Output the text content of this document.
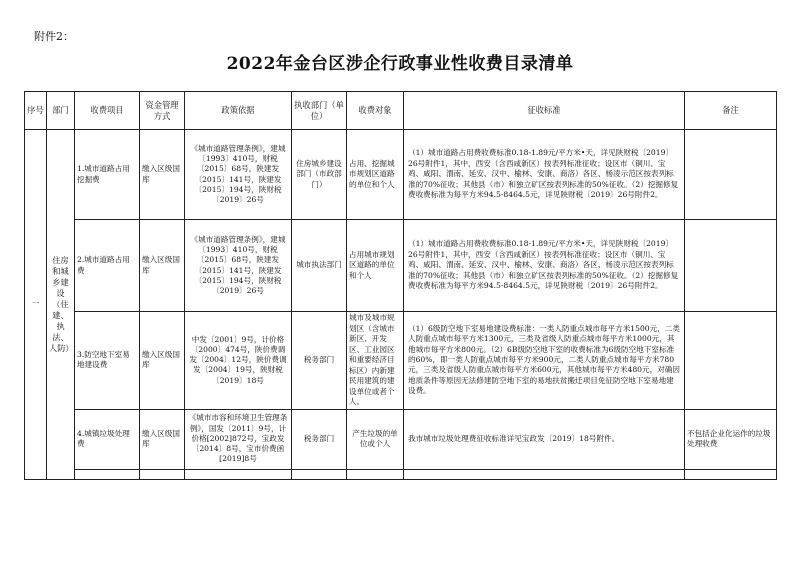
附件2：
2022年金台区涉企行政事业性收费目录清单
序号	部门	收费项目	资金管理方式	政策依据	执收部门（单位）	收费对象	征收标准	备注
一	住房和城乡建设（住建、执法、人防）	1.城市道路占用挖掘费	缴入区级国库	《城市道路管理条例》，建城〔1993〕410号，财税〔2015〕68号，陕建发〔2015〕141号，陕建发〔2015〕194号，陕财税〔2019〕26号	住房城乡建设部门（市政部门）	占用、挖掘城市规划区道路的单位和个人	（1）城市道路占用费收费标准0.18-1.89元/平方米•天，详见陕财税〔2019〕26号附件1，其中，西安（含西咸新区）按表列标准征收；设区市（铜川、宝鸡、咸阳、渭南、延安、汉中、榆林、安康、商洛）各区、杨凌示范区按表列标准的70%征收；其他县（市）和独立矿区按表列标准的50%征收。（2）挖掘修复费收费标准为每平方米94.5-8464.5元，详见陕财税〔2019〕26号附件2。	
		2.城市道路占用费	缴入区级国库	《城市道路管理条例》，建城〔1993〕410号，财税〔2015〕68号，陕建发〔2015〕141号，陕建发〔2015〕194号，陕财税〔2019〕26号	城市执法部门	占用城市规划区道路的单位和个人	（1）城市道路占用费收费标准0.18-1.89元/平方米•天，详见陕财税〔2019〕26号附件1，其中，西安（含西咸新区）按表列标准征收；设区市（铜川、宝鸡、咸阳、渭南、延安、汉中、榆林、安康、商洛）各区、杨凌示范区按表列标准的70%征收；其他县（市）和独立矿区按表列标准的50%征收。（2）挖掘修复费收费标准为每平方米94.5-8464.5元，详见陕财税〔2019〕26号附件2。	
		3.防空地下室易地建设费	缴入区级国库	中发〔2001〕9号，计价格〔2000〕474号，陕价费调发〔2004〕12号，陕价费调发〔2004〕19号，陕财税〔2019〕18号	税务部门	城市及城市规划区（含城市新区、开发区、工业园区和重要经济目标区）内新建民用建筑的建设单位或者个人。	（1）6级防空地下室易地建设费标准：一类人防重点城市每平方米1500元，二类人防重点城市每平方米1300元，三类及省级人防重点城市每平方米1000元，其他城市每平方米800元。（2）6B级防空地下室的收费标准为6级防空地下室标准的60%，即一类人防重点城市每平方米900元，二类人防重点城市每平方米780元，三类及省级人防重点城市每平方米600元，其他城市每平方米480元，对确因地质条件等原因无法修建防空地下室的易地扶贫搬迁项目免征防空地下室易地建设费。	
		4.城镇垃圾处理费	缴入区级国库	《城市市容和环境卫生管理条例》，国发〔2011〕9号，计价格[2002]872号，宝政发〔2014〕8号，宝市价费函[2019]8号	税务部门	产生垃圾的单位或个人	我市城市垃圾处理费征收标准详见宝政发〔2019〕18号附件。	不包括企业化运作的垃圾处理收费
